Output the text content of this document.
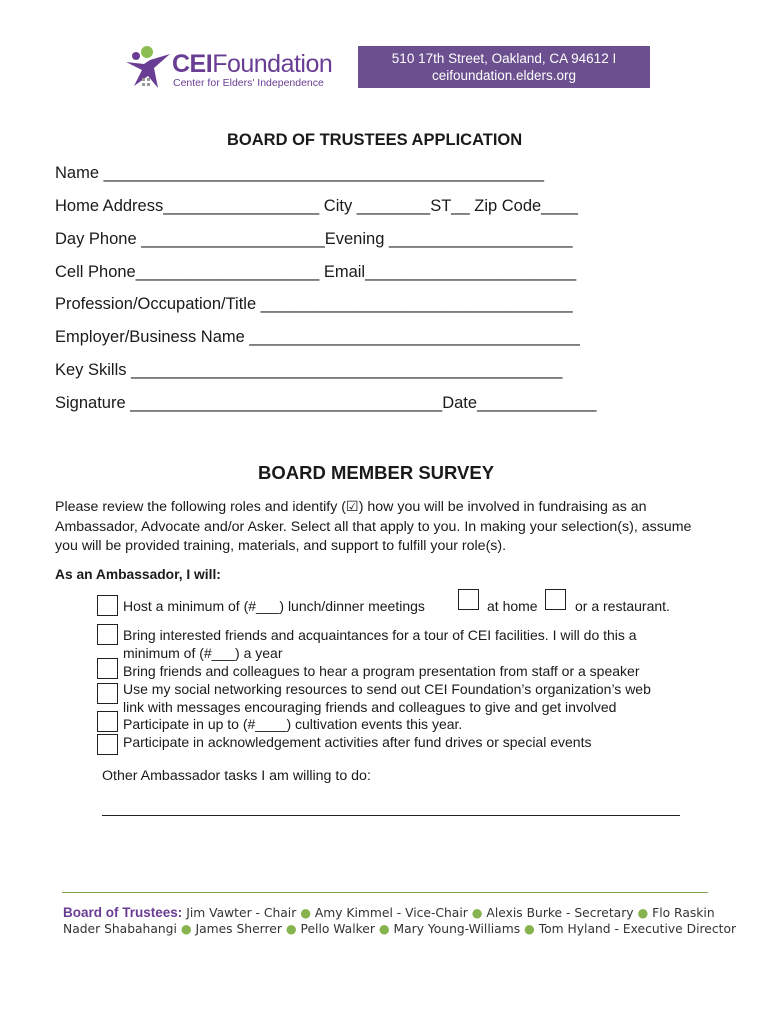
CEIFoundation
Center for Elders' Independence
510 17th Street, Oakland, CA 94612 I
ceifoundation.elders.org
BOARD OF TRUSTEES APPLICATION
Name ________________________________________________
Home Address_________________ City ________ST__ Zip Code____
Day Phone ____________________Evening ____________________
Cell Phone____________________ Email_______________________
Profession/Occupation/Title __________________________________
Employer/Business Name ____________________________________
Key Skills _______________________________________________
Signature __________________________________Date_____________
BOARD MEMBER SURVEY
Please review the following roles and identify (☑) how you will be involved in fundraising as an Ambassador, Advocate and/or Asker. Select all that apply to you. In making your selection(s), assume you will be provided training, materials, and support to fulfill your role(s).
As an Ambassador, I will:
Host a minimum of (#___) lunch/dinner meetings	at home	or a restaurant.
Bring interested friends and acquaintances for a tour of CEI facilities. I will do this a
minimum of (#___) a year
Bring friends and colleagues to hear a program presentation from staff or a speaker
Use my social networking resources to send out CEI Foundation’s organization’s web
link with messages encouraging friends and colleagues to give and get involved
Participate in up to (#____) cultivation events this year.
Participate in acknowledgement activities after fund drives or special events
Other Ambassador tasks I am willing to do:
Board of Trustees: Jim Vawter - Chair ● Amy Kimmel - Vice-Chair ● Alexis Burke - Secretary ● Flo Raskin
Nader Shabahangi ● James Sherrer ● Pello Walker ● Mary Young-Williams ● Tom Hyland - Executive Director
